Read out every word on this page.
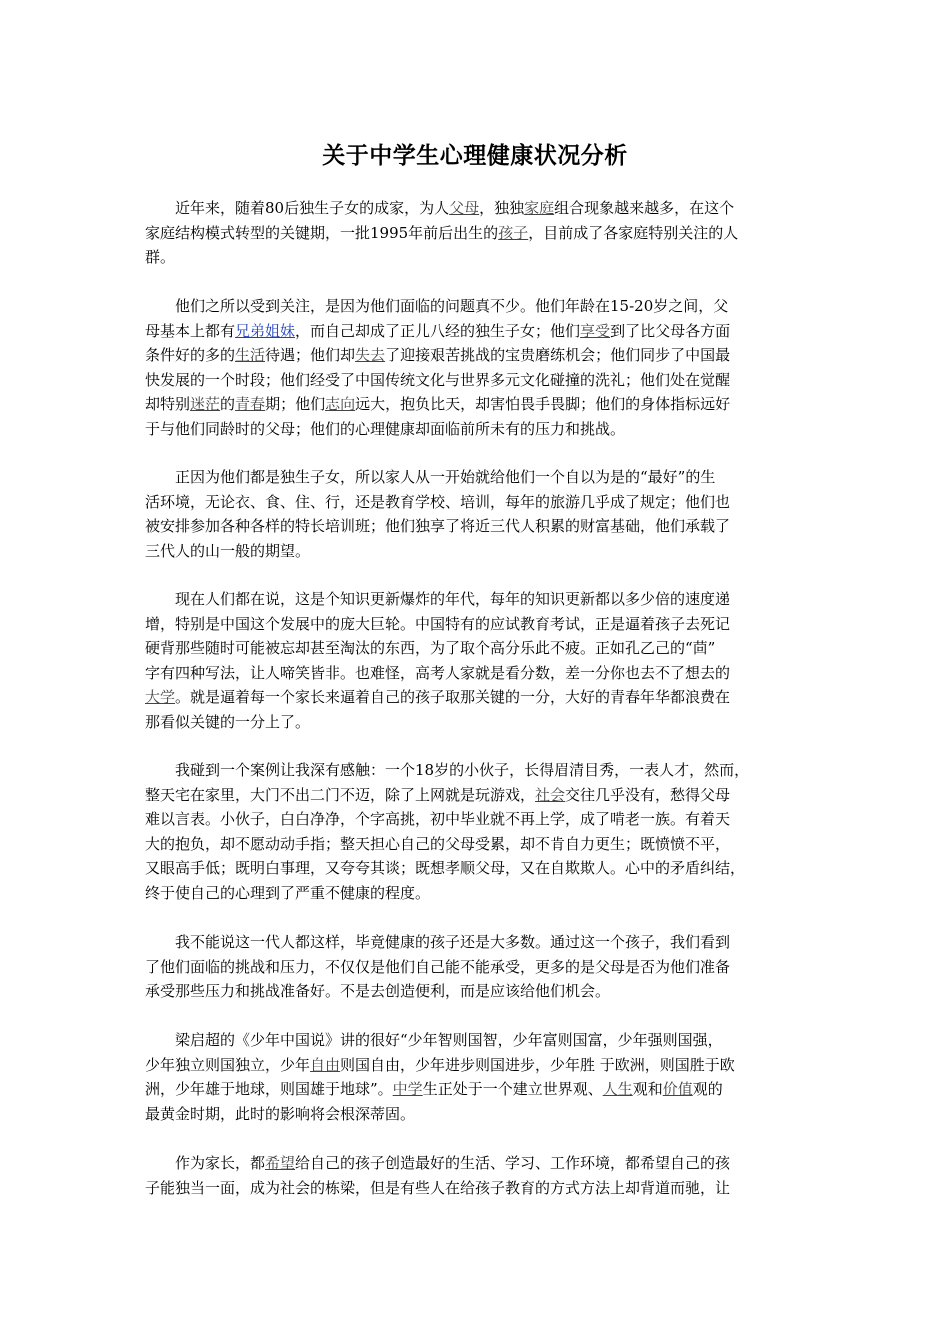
关于中学生心理健康状况分析
　　近年来，随着80后独生子女的成家，为人父母，独独家庭组合现象越来越多，在这个
家庭结构模式转型的关键期，一批1995年前后出生的孩子，目前成了各家庭特别关注的人
群。
　　他们之所以受到关注，是因为他们面临的问题真不少。他们年龄在15-20岁之间，父
母基本上都有兄弟姐妹，而自己却成了正儿八经的独生子女；他们享受到了比父母各方面
条件好的多的生活待遇；他们却失去了迎接艰苦挑战的宝贵磨练机会；他们同步了中国最
快发展的一个时段；他们经受了中国传统文化与世界多元文化碰撞的洗礼；他们处在觉醒
却特别迷茫的青春期；他们志向远大，抱负比天，却害怕畏手畏脚；他们的身体指标远好
于与他们同龄时的父母；他们的心理健康却面临前所未有的压力和挑战。
　　正因为他们都是独生子女，所以家人从一开始就给他们一个自以为是的“最好”的生
活环境，无论衣、食、住、行，还是教育学校、培训，每年的旅游几乎成了规定；他们也
被安排参加各种各样的特长培训班；他们独享了将近三代人积累的财富基础，他们承载了
三代人的山一般的期望。
　　现在人们都在说，这是个知识更新爆炸的年代，每年的知识更新都以多少倍的速度递
增，特别是中国这个发展中的庞大巨轮。中国特有的应试教育考试，正是逼着孩子去死记
硬背那些随时可能被忘却甚至淘汰的东西，为了取个高分乐此不疲。正如孔乙己的“茴”
字有四种写法，让人啼笑皆非。也难怪，高考人家就是看分数，差一分你也去不了想去的
大学。就是逼着每一个家长来逼着自己的孩子取那关键的一分，大好的青春年华都浪费在
那看似关键的一分上了。
　　我碰到一个案例让我深有感触：一个18岁的小伙子，长得眉清目秀，一表人才，然而，
整天宅在家里，大门不出二门不迈，除了上网就是玩游戏，社会交往几乎没有，愁得父母
难以言表。小伙子，白白净净，个字高挑，初中毕业就不再上学，成了啃老一族。有着天
大的抱负，却不愿动动手指；整天担心自己的父母受累，却不肯自力更生；既愤愤不平，
又眼高手低；既明白事理，又夸夸其谈；既想孝顺父母，又在自欺欺人。心中的矛盾纠结，
终于使自己的心理到了严重不健康的程度。
　　我不能说这一代人都这样，毕竟健康的孩子还是大多数。通过这一个孩子，我们看到
了他们面临的挑战和压力，不仅仅是他们自己能不能承受，更多的是父母是否为他们准备
承受那些压力和挑战准备好。不是去创造便利，而是应该给他们机会。
　　梁启超的《少年中国说》讲的很好“少年智则国智，少年富则国富，少年强则国强，
少年独立则国独立，少年自由则国自由，少年进步则国进步，少年胜 于欧洲，则国胜于欧
洲，少年雄于地球，则国雄于地球”。中学生正处于一个建立世界观、人生观和价值观的
最黄金时期，此时的影响将会根深蒂固。
　　作为家长，都希望给自己的孩子创造最好的生活、学习、工作环境，都希望自己的孩
子能独当一面，成为社会的栋梁，但是有些人在给孩子教育的方式方法上却背道而驰，让
